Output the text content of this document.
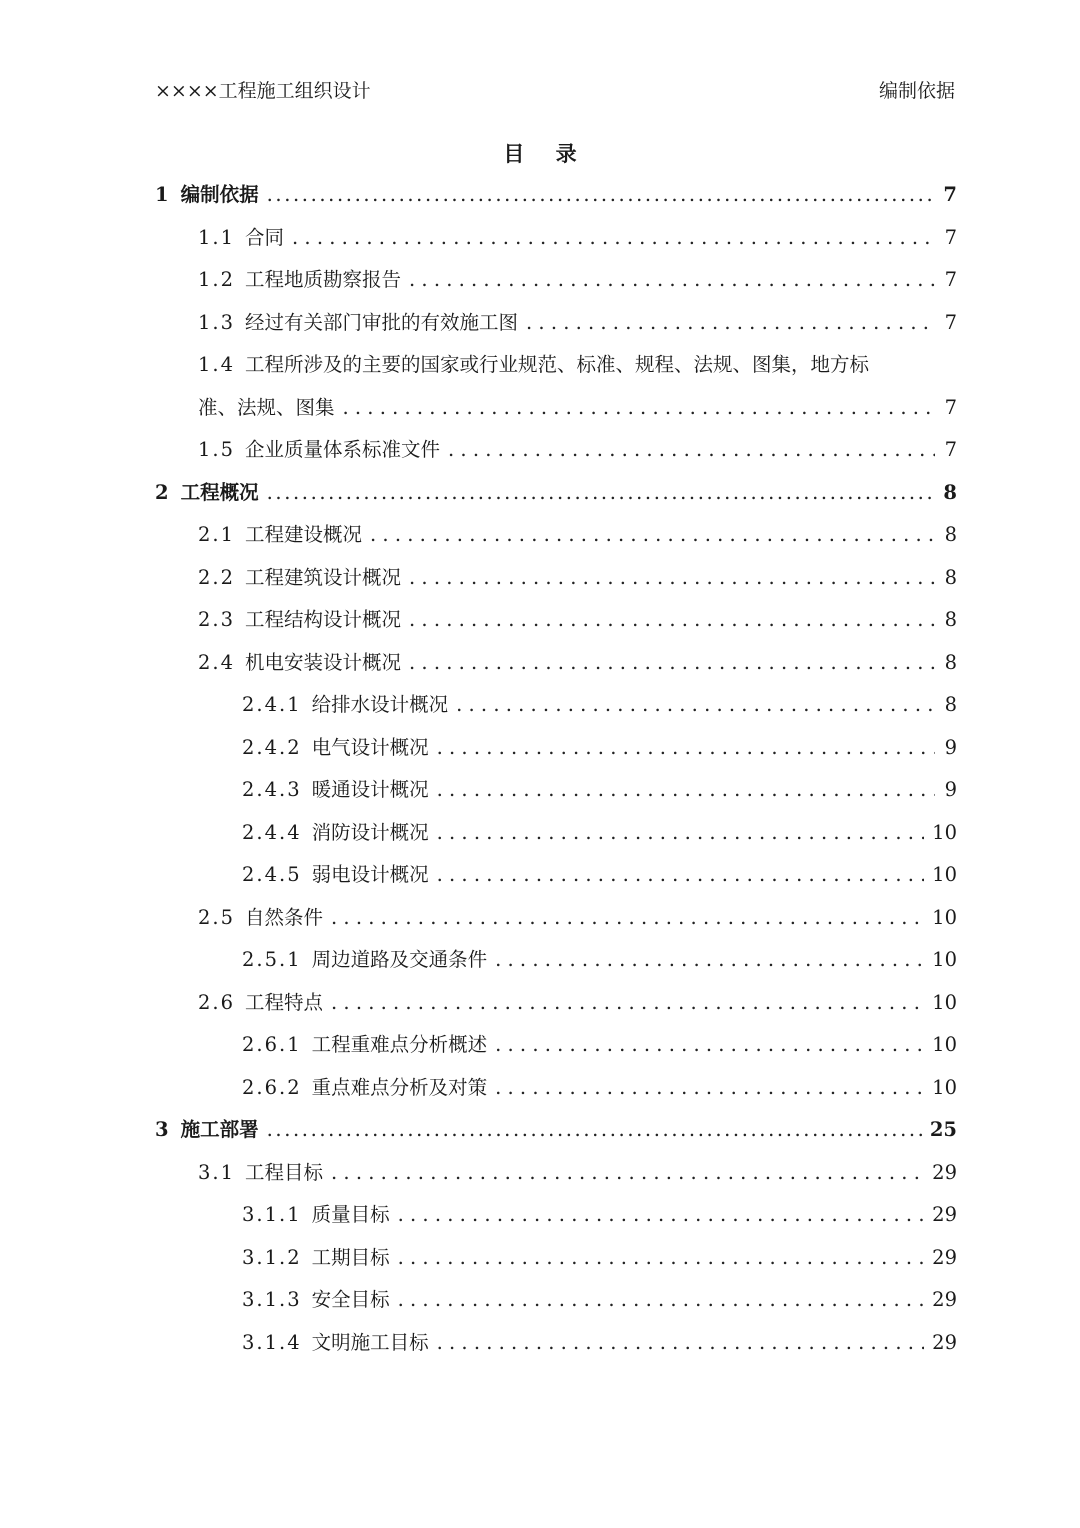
××××工程施工组织设计	编制依据
目 录
1 编制依据 .....	7
1.1 合同 . . .	7
1.2 工程地质勘察报告 . . .	7
1.3 经过有关部门审批的有效施工图 . . .	7
1.4 工程所涉及的主要的国家或行业规范、标准、规程、法规、图集，地方标
准、法规、图集 . . .	7
1.5 企业质量体系标准文件 . . .	7
2 工程概况 .....	8
2.1 工程建设概况 . . .	8
2.2 工程建筑设计概况 . . .	8
2.3 工程结构设计概况 . . .	8
2.4 机电安装设计概况 . . .	8
2.4.1 给排水设计概况 . . .	8
2.4.2 电气设计概况 . . .	9
2.4.3 暖通设计概况 . . .	9
2.4.4 消防设计概况 . . .	10
2.4.5 弱电设计概况 . . .	10
2.5 自然条件 . . .	10
2.5.1 周边道路及交通条件 . . .	10
2.6 工程特点 . . .	10
2.6.1 工程重难点分析概述 . . .	10
2.6.2 重点难点分析及对策 . . .	10
3 施工部署 .....	25
3.1 工程目标 . . .	29
3.1.1 质量目标 . . .	29
3.1.2 工期目标 . . .	29
3.1.3 安全目标 . . .	29
3.1.4 文明施工目标 . . .	29
